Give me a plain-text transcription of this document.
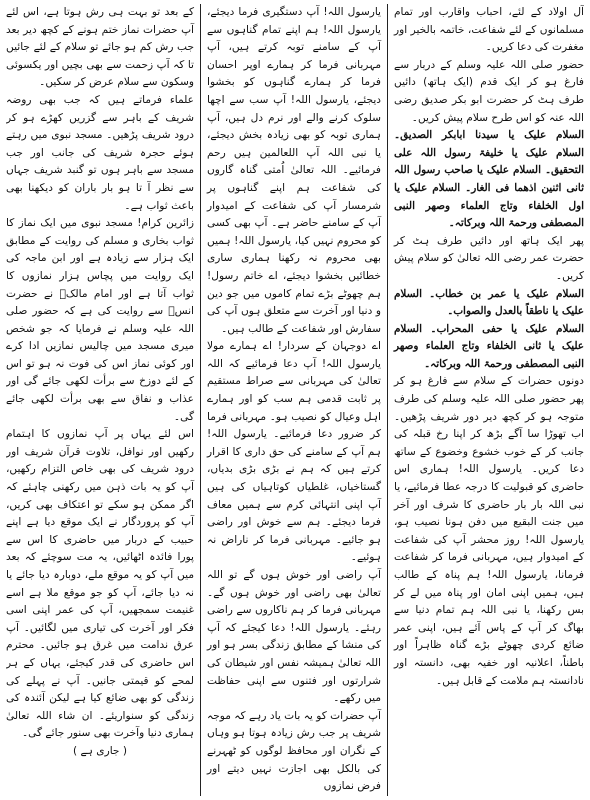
آل اولاد کے لئے، احباب واقارب اور تمام مسلمانوں کے لئے شفاعت، خاتمہ بالخیر اور مغفرت کی دعا کریں۔

حضور صلی اللہ علیہ وسلم کے دربار سے فارغ ہو کر ایک قدم (ایک ہاتھ) دائیں طرف ہٹ کر حضرت ابو بکر صدیق رضی اللہ عنہ کو اس طرح سلام پیش کریں۔

السلام علیک یا سیدنا ابابکر الصدیق۔ السلام علیک یا خلیفۃ رسول اللہ علی التحقیق۔ السلام علیک یا صاحب رسول اللہ ثانی اثنین اذھما فی الغار۔ السلام علیک یا اول الخلفاء وتاج العلماء وصھر النبی المصطفی ورحمۃ اللہ وبرکاتہ۔

پھر ایک ہاتھ اور دائیں طرف ہٹ کر حضرت عمر رضی اللہ تعالیٰ کو سلام پیش کریں۔

السلام علیک یا عمر بن خطاب۔ السلام علیک یا ناطقاً بالعدل والصواب۔

السلام علیک یا حفی المحراب۔ السلام علیک یا ثانی الخلفاء وتاج العلماء وصھر النبی المصطفی ورحمۃ اللہ وبرکاتہ۔

دونوں حضرات کے سلام سے فارغ ہو کر پھر حضور صلی اللہ علیہ وسلم کی طرف متوجہ ہو کر کچھ دیر دور شریف پڑھیں۔ اب تھوڑا سا آگے بڑھ کر اپنا رخ قبلہ کی جانب کر کے خوب خشوع وخضوع کے ساتھ دعا کریں۔ یارسول اللہ! ہماری اس حاضری کو قبولیت کا درجہ عطا فرمائیے، یا نبی اللہ بار بار حاضری کا شرف اور آخر میں جنت البقیع میں دفن ہونا نصیب ہو، یارسول اللہ! روز محشر آپ کی شفاعت کے امیدوار ہیں، مہربانی فرما کر شفاعت فرمانا، یارسول اللہ! ہم پناہ کے طالب ہیں، ہمیں اپنی امان اور پناہ میں لے کر بس رکھنا، یا نبی اللہ ہم تمام دنیا سے بھاگ کر آپ کے پاس آئے ہیں، اپنی عمر ضائع کردی چھوٹے بڑے گناہ ظاہراً اور باطناً، اعلانیہ اور خفیہ بھی، دانستہ اور نادانستہ ہم ملامت کے قابل ہیں۔

یارسول اللہ! آپ دستگیری فرما دیجئے، یارسول اللہ! ہم اپنے تمام گناہوں سے آپ کے سامنے توبہ کرتے ہیں، آپ مہربانی فرما کر ہمارے اوپر احسان فرما کر ہمارے گناہوں کو بخشوا دیجئے، یارسول اللہ! آپ سب سے اچھا سلوک کرنے والے اور نرم دل ہیں، آپ ہماری توبہ کو بھی زیادہ بخش دیجئے، یا نبی اللہ آپ اللعالمین ہیں رحم فرمائیے۔ اللہ تعالیٰ اُمتی گناہ گاروں کی شفاعت ہم اپنے گناہوں پر شرمسار آپ کی شفاعت کے امیدوار آپ کے سامنے حاضر ہے۔ آپ بھی کسی کو محروم نہیں کیا، یارسول اللہ! ہمیں بھی محروم نہ رکھنا ہماری ساری خطائیں بخشوا دیجئے، اے خاتم رسول! ہم چھوٹے بڑے تمام کاموں میں جو دین و دنیا اور آخرت سے متعلق ہوں آپ کی سفارش اور شفاعت کے طالب ہیں۔

اے دوجہان کے سردار! اے ہمارے مولا یارسول اللہ! آپ دعا فرمائیے کہ اللہ تعالیٰ کی مہربانی سے صراط مستقیم پر ثابت قدمی ہم سب کو اور ہمارے اہل وعیال کو نصیب ہو۔ مہربانی فرما کر ضرور دعا فرمائیے۔ یارسول اللہ! ہم آپ کے سامنے کی حق داری کا اقرار کرتے ہیں کہ ہم نے بڑی بڑی بدیاں، گستاخیاں، غلطیاں کوتاہیاں کی ہیں آپ اپنی انتہائی کرم سے ہمیں معاف فرما دیجئے۔ ہم سے خوش اور راضی ہو جائیے۔ مہربانی فرما کر ناراض نہ ہوئیے۔

آپ راضی اور خوش ہوں گے تو اللہ تعالیٰ بھی راضی اور خوش ہوں گے۔ مہربانی فرما کر ہم ناکاروں سے راضی رہئے۔ یارسول اللہ! دعا کیجئے کہ آپ کی منشا کے مطابق زندگی بسر ہو اور اللہ تعالیٰ ہمیشہ نفس اور شیطان کی شرارتوں اور فتنوں سے اپنی حفاظت میں رکھے۔

آپ حضرات کو یہ بات یاد رہے کہ موجہ شریف پر جب رش زیادہ ہوتا ہو وہاں کے نگران اور محافظ لوگوں کو ٹھہرنے کی بالکل بھی اجازت نہیں دیتے اور فرض نمازوں

کے بعد تو بہت ہی رش ہوتا ہے، اس لئے آپ حضرات نماز ختم ہونے کے کچھ دیر بعد جب رش کم ہو جائے تو سلام کے لئے جائیں تا کہ آپ زحمت سے بھی بچیں اور یکسوئی وسکون سے سلام عرض کر سکیں۔

علماء فرماتے ہیں کہ جب بھی روضہ شریف کے باہر سے گزریں کھڑے ہو کر درود شریف پڑھیں۔ مسجد نبوی میں رہتے ہوئے حجرہ شریف کی جانب اور جب مسجد سے باہر ہوں تو گنبد شریف جہاں سے نظر آ تا ہو بار باران کو دیکھنا بھی باعث ثواب ہے۔

زائرین کرام! مسجد نبوی میں ایک نماز کا ثواب بخاری و مسلم کی روایت کے مطابق ایک ہزار سے زیادہ ہے اور ابن ماجہ کی ایک روایت میں پچاس ہزار نمازوں کا ثواب آتا ہے اور امام مالکؒ نے حضرت انسؓ سے روایت کی ہے کہ حضور صلی اللہ علیہ وسلم نے فرمایا کہ جو شخص میری مسجد میں چالیس نمازیں ادا کرے اور کوئی نماز اس کی فوت نہ ہو تو اس کے لئے دوزخ سے برأت لکھی جائے گی اور عذاب و نفاق سے بھی برأت لکھی جائے گی۔

اس لئے یہاں پر آپ نمازوں کا اہتمام رکھیں اور نوافل، تلاوت قرآن شریف اور درود شریف کی بھی خاص التزام رکھیں، آپ کو یہ بات ذہن میں رکھنی چاہئے کہ اگر ممکن ہو سکے تو اعتکاف بھی کریں، آپ کو پروردگار نے ایک موقع دیا ہے اپنے حبیب کے دربار میں حاضری کا اس سے پورا فائدہ اٹھائیں، یہ مت سوچئے کہ بعد میں آپ کو یہ موقع ملے، دوبارہ دیا جائے یا نہ دیا جائے، آپ کو جو موقع ملا ہے اسے غنیمت سمجھیں، آپ کی عمر اپنی اسی فکر اور آخرت کی تیاری میں لگائیں۔ آپ عرق ندامت میں غرق ہو جائیں۔ محترم اس حاضری کی قدر کیجئے، یہاں کے ہر لمحے کو قیمتی جانیں۔ آپ نے پہلے کی زندگی کو بھی ضائع کیا ہے لیکن آئندہ کی زندگی کو سنواریئے۔ ان شاء اللہ تعالیٰ ہماری دنیا وآخرت بھی سنور جائے گی۔

( جاری ہے )
